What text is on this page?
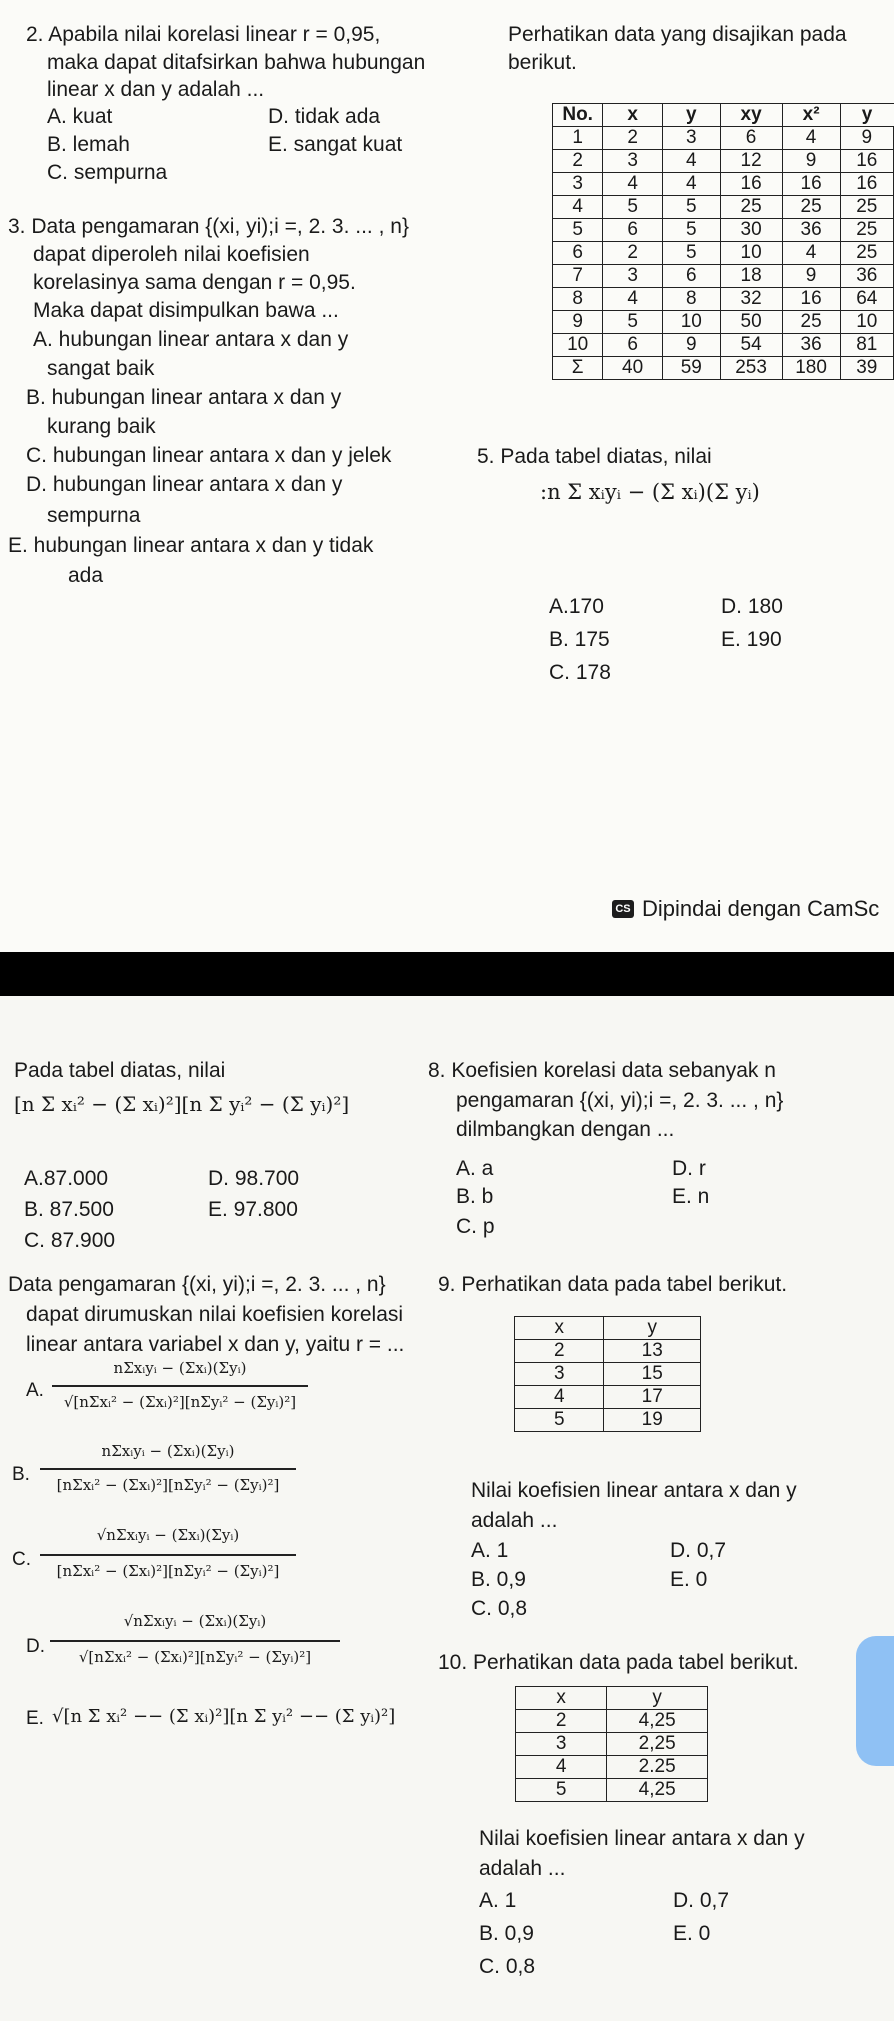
2. Apabila nilai korelasi linear r = 0,95,
maka dapat ditafsirkan bahwa hubungan
linear x dan y adalah ...
A. kuat	D. tidak ada
B. lemah	E. sangat kuat
C. sempurna
3. Data pengamaran {(xi, yi);i =, 2. 3. ... , n}
dapat diperoleh nilai koefisien
korelasinya sama dengan r = 0,95.
Maka dapat disimpulkan bawa ...
A. hubungan linear antara x dan y
sangat baik
B. hubungan linear antara x dan y
kurang baik
C. hubungan linear antara x dan y jelek
D. hubungan linear antara x dan y
sempurna
E. hubungan linear antara x dan y tidak
ada
Perhatikan data yang disajikan pada
berikut.
No.	x	y	xy	x²	y
1	2	3	6	4	9
2	3	4	12	9	16
3	4	4	16	16	16
4	5	5	25	25	25
5	6	5	30	36	25
6	2	5	10	4	25
7	3	6	18	9	36
8	4	8	32	16	64
9	5	10	50	25	10
10	6	9	54	36	81
Σ	40	59	253	180	39
5. Pada tabel diatas, nilai
:n Σ xᵢyᵢ − (Σ xᵢ)(Σ yᵢ)
A.170	D. 180
B. 175	E. 190
C. 178
CS Dipindai dengan CamSc
Pada tabel diatas, nilai
[n Σ xᵢ² − (Σ xᵢ)²][n Σ yᵢ² − (Σ yᵢ)²]
A.87.000	D. 98.700
B. 87.500	E. 97.800
C. 87.900
8. Koefisien korelasi data sebanyak n
pengamaran {(xi, yi);i =, 2. 3. ... , n}
dilmbangkan dengan ...
A. a	D. r
B. b	E. n
C. p
Data pengamaran {(xi, yi);i =, 2. 3. ... , n}
dapat dirumuskan nilai koefisien korelasi
linear antara variabel x dan y, yaitu r = ...
A.
nΣxᵢyᵢ − (Σxᵢ)(Σyᵢ)
√[nΣxᵢ² − (Σxᵢ)²][nΣyᵢ² − (Σyᵢ)²]
B.
nΣxᵢyᵢ − (Σxᵢ)(Σyᵢ)
[nΣxᵢ² − (Σxᵢ)²][nΣyᵢ² − (Σyᵢ)²]
C.
√nΣxᵢyᵢ − (Σxᵢ)(Σyᵢ)
[nΣxᵢ² − (Σxᵢ)²][nΣyᵢ² − (Σyᵢ)²]
D.
√nΣxᵢyᵢ − (Σxᵢ)(Σyᵢ)
√[nΣxᵢ² − (Σxᵢ)²][nΣyᵢ² − (Σyᵢ)²]
E. √[n Σ xᵢ² −− (Σ xᵢ)²][n Σ yᵢ² −− (Σ yᵢ)²]
9. Perhatikan data pada tabel berikut.
x	y
2	13
3	15
4	17
5	19
Nilai koefisien linear antara x dan y
adalah ...
A. 1	D. 0,7
B. 0,9	E. 0
C. 0,8
10. Perhatikan data pada tabel berikut.
x	y
2	4,25
3	2,25
4	2.25
5	4,25
Nilai koefisien linear antara x dan y
adalah ...
A. 1	D. 0,7
B. 0,9	E. 0
C. 0,8
